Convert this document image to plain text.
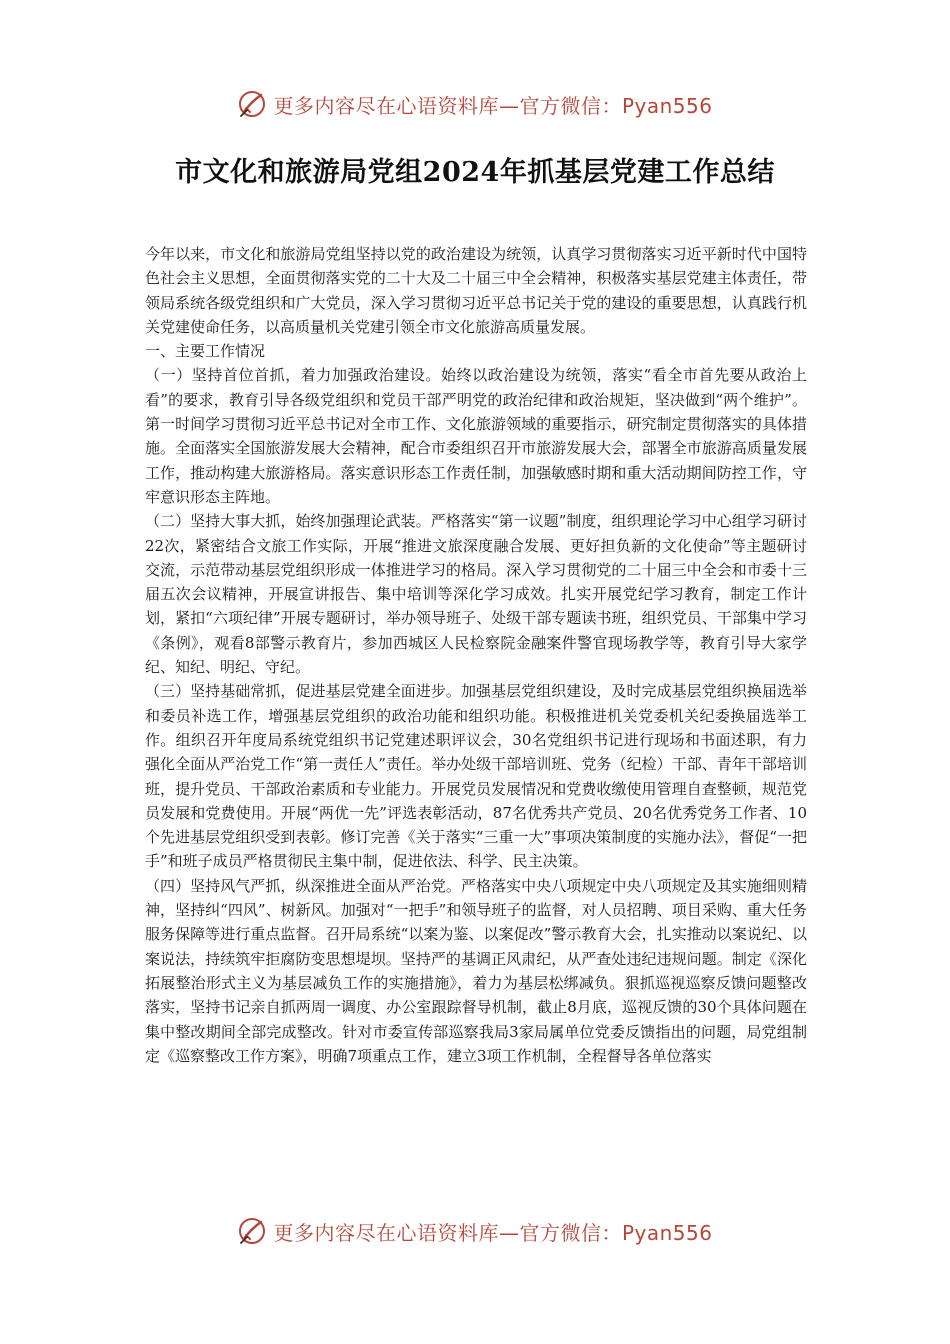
更多内容尽在心语资料库—官方微信：Pyan556
市文化和旅游局党组2024年抓基层党建工作总结

今年以来，市文化和旅游局党组坚持以党的政治建设为统领，认真学习贯彻落实习近平新时代中国特色社会主义思想，全面贯彻落实党的二十大及二十届三中全会精神，积极落实基层党建主体责任，带领局系统各级党组织和广大党员，深入学习贯彻习近平总书记关于党的建设的重要思想，认真践行机关党建使命任务，以高质量机关党建引领全市文化旅游高质量发展。

一、主要工作情况

（一）坚持首位首抓，着力加强政治建设。始终以政治建设为统领，落实“看全市首先要从政治上看”的要求，教育引导各级党组织和党员干部严明党的政治纪律和政治规矩，坚决做到“两个维护”。第一时间学习贯彻习近平总书记对全市工作、文化旅游领域的重要指示，研究制定贯彻落实的具体措施。全面落实全国旅游发展大会精神，配合市委组织召开市旅游发展大会，部署全市旅游高质量发展工作，推动构建大旅游格局。落实意识形态工作责任制，加强敏感时期和重大活动期间防控工作，守牢意识形态主阵地。

（二）坚持大事大抓，始终加强理论武装。严格落实“第一议题”制度，组织理论学习中心组学习研讨22次，紧密结合文旅工作实际，开展“推进文旅深度融合发展、更好担负新的文化使命”等主题研讨交流，示范带动基层党组织形成一体推进学习的格局。深入学习贯彻党的二十届三中全会和市委十三届五次会议精神，开展宣讲报告、集中培训等深化学习成效。扎实开展党纪学习教育，制定工作计划，紧扣“六项纪律”开展专题研讨，举办领导班子、处级干部专题读书班，组织党员、干部集中学习《条例》，观看8部警示教育片，参加西城区人民检察院金融案件警官现场教学等，教育引导大家学纪、知纪、明纪、守纪。

（三）坚持基础常抓，促进基层党建全面进步。加强基层党组织建设，及时完成基层党组织换届选举和委员补选工作，增强基层党组织的政治功能和组织功能。积极推进机关党委机关纪委换届选举工作。组织召开年度局系统党组织书记党建述职评议会，30名党组织书记进行现场和书面述职，有力强化全面从严治党工作“第一责任人”责任。举办处级干部培训班、党务（纪检）干部、青年干部培训班，提升党员、干部政治素质和专业能力。开展党员发展情况和党费收缴使用管理自查整顿，规范党员发展和党费使用。开展“两优一先”评选表彰活动，87名优秀共产党员、20名优秀党务工作者、10个先进基层党组织受到表彰。修订完善《关于落实“三重一大”事项决策制度的实施办法》，督促“一把手”和班子成员严格贯彻民主集中制，促进依法、科学、民主决策。

（四）坚持风气严抓，纵深推进全面从严治党。严格落实中央八项规定中央八项规定及其实施细则精神，坚持纠“四风”、树新风。加强对“一把手”和领导班子的监督，对人员招聘、项目采购、重大任务服务保障等进行重点监督。召开局系统“以案为鉴、以案促改”警示教育大会，扎实推动以案说纪、以案说法，持续筑牢拒腐防变思想堤坝。坚持严的基调正风肃纪，从严查处违纪违规问题。制定《深化拓展整治形式主义为基层减负工作的实施措施》，着力为基层松绑减负。狠抓巡视巡察反馈问题整改落实，坚持书记亲自抓两周一调度、办公室跟踪督导机制，截止8月底，巡视反馈的30个具体问题在集中整改期间全部完成整改。针对市委宣传部巡察我局3家局属单位党委反馈指出的问题，局党组制定《巡察整改工作方案》，明确7项重点工作，建立3项工作机制，全程督导各单位落实

更多内容尽在心语资料库—官方微信：Pyan556
